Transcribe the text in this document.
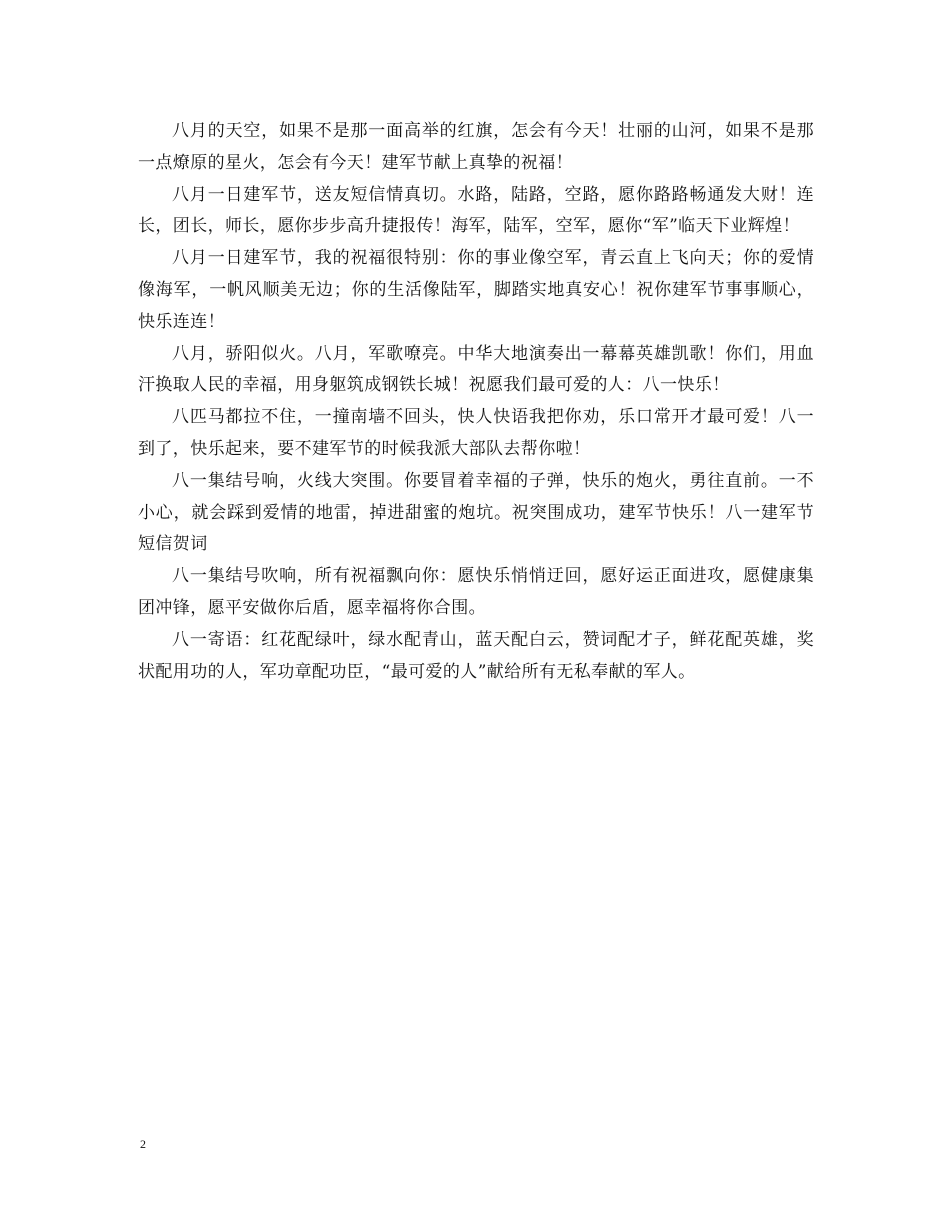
八月的天空，如果不是那一面高举的红旗，怎会有今天！壮丽的山河，如果不是那一点燎原的星火，怎会有今天！建军节献上真挚的祝福！

八月一日建军节，送友短信情真切。水路，陆路，空路，愿你路路畅通发大财！连长，团长，师长，愿你步步高升捷报传！海军，陆军，空军，愿你“军”临天下业辉煌！

八月一日建军节，我的祝福很特别：你的事业像空军，青云直上飞向天；你的爱情像海军，一帆风顺美无边；你的生活像陆军，脚踏实地真安心！祝你建军节事事顺心，快乐连连！

八月，骄阳似火。八月，军歌嘹亮。中华大地演奏出一幕幕英雄凯歌！你们，用血汗换取人民的幸福，用身躯筑成钢铁长城！祝愿我们最可爱的人：八一快乐！

八匹马都拉不住，一撞南墙不回头，快人快语我把你劝，乐口常开才最可爱！八一到了，快乐起来，要不建军节的时候我派大部队去帮你啦！

八一集结号响，火线大突围。你要冒着幸福的子弹，快乐的炮火，勇往直前。一不小心，就会踩到爱情的地雷，掉进甜蜜的炮坑。祝突围成功，建军节快乐！八一建军节短信贺词

八一集结号吹响，所有祝福飘向你：愿快乐悄悄迂回，愿好运正面进攻，愿健康集团冲锋，愿平安做你后盾，愿幸福将你合围。

八一寄语：红花配绿叶，绿水配青山，蓝天配白云，赞词配才子，鲜花配英雄，奖状配用功的人，军功章配功臣，“最可爱的人”献给所有无私奉献的军人。

2
